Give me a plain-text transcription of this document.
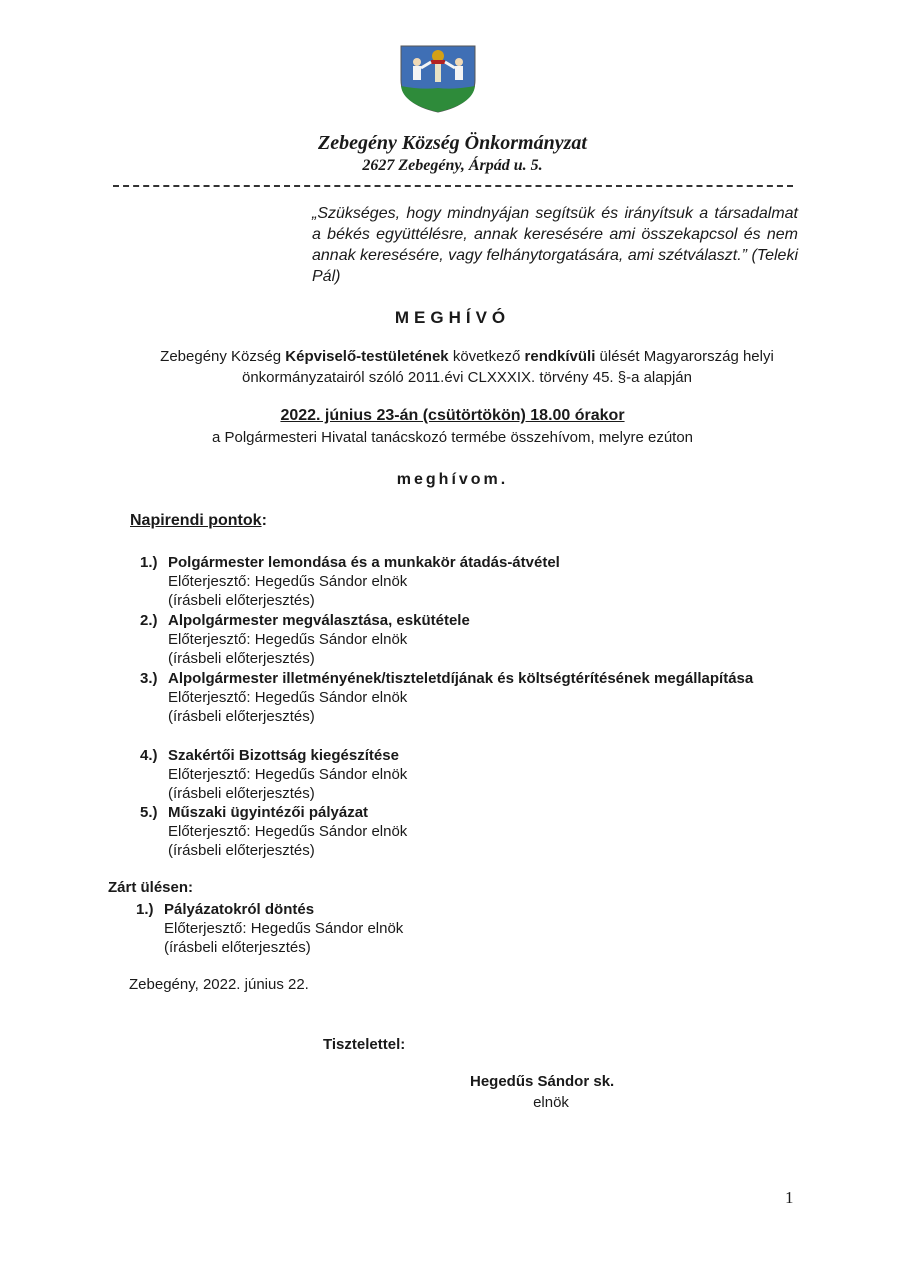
Zebegény Község Önkormányzat
2627 Zebegény, Árpád u. 5.
„Szükséges, hogy mindnyájan segítsük és irányítsuk a társadalmat a békés együttélésre, annak keresésére ami összekapcsol és nem annak keresésére, vagy felhánytorgatására, ami szétválaszt.” (Teleki Pál)
MEGHÍVÓ
Zebegény Község Képviselő-testületének következő rendkívüli ülését Magyarország helyi önkormányzatairól szóló 2011.évi CLXXXIX. törvény 45. §-a alapján
2022. június 23-án (csütörtökön) 18.00 órakor
a Polgármesteri Hivatal tanácskozó termébe összehívom, melyre ezúton
meghívom.
Napirendi pontok:
1.) Polgármester lemondása és a munkakör átadás-átvétel
Előterjesztő: Hegedűs Sándor elnök
(írásbeli előterjesztés)
2.) Alpolgármester megválasztása, eskütétele
Előterjesztő: Hegedűs Sándor elnök
(írásbeli előterjesztés)
3.) Alpolgármester illetményének/tiszteletdíjának és költségtérítésének megállapítása
Előterjesztő: Hegedűs Sándor elnök
(írásbeli előterjesztés)
4.) Szakértői Bizottság kiegészítése
Előterjesztő: Hegedűs Sándor elnök
(írásbeli előterjesztés)
5.) Műszaki ügyintézői pályázat
Előterjesztő: Hegedűs Sándor elnök
(írásbeli előterjesztés)
Zárt ülésen:
1.) Pályázatokról döntés
Előterjesztő: Hegedűs Sándor elnök
(írásbeli előterjesztés)
Zebegény, 2022. június 22.
Tisztelettel:
Hegedűs Sándor sk.
elnök
1
